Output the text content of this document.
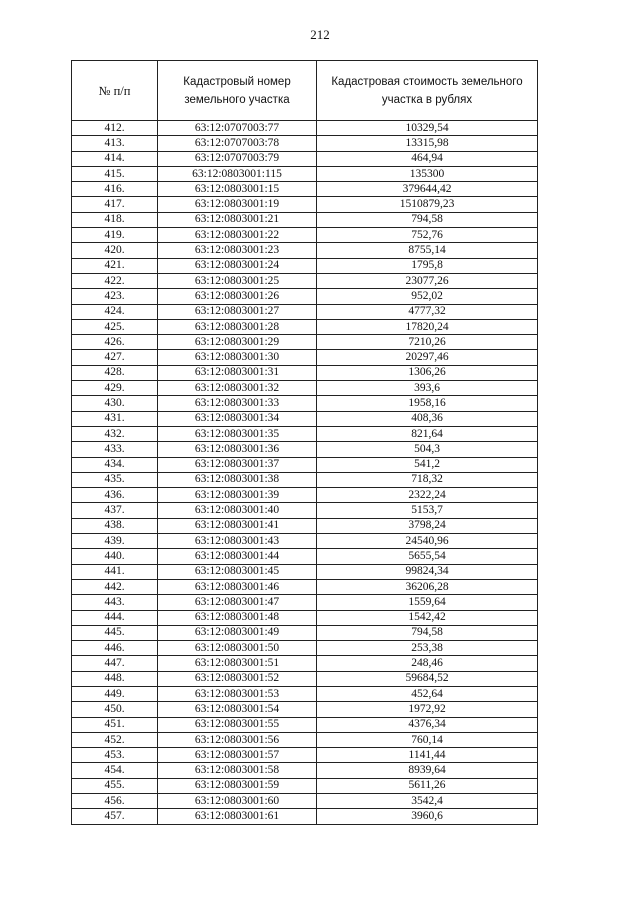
212
№ п/п	Кадастровый номер земельного участка	Кадастровая стоимость земельного участка в рублях
412.	63:12:0707003:77	10329,54
413.	63:12:0707003:78	13315,98
414.	63:12:0707003:79	464,94
415.	63:12:0803001:115	135300
416.	63:12:0803001:15	379644,42
417.	63:12:0803001:19	1510879,23
418.	63:12:0803001:21	794,58
419.	63:12:0803001:22	752,76
420.	63:12:0803001:23	8755,14
421.	63:12:0803001:24	1795,8
422.	63:12:0803001:25	23077,26
423.	63:12:0803001:26	952,02
424.	63:12:0803001:27	4777,32
425.	63:12:0803001:28	17820,24
426.	63:12:0803001:29	7210,26
427.	63:12:0803001:30	20297,46
428.	63:12:0803001:31	1306,26
429.	63:12:0803001:32	393,6
430.	63:12:0803001:33	1958,16
431.	63:12:0803001:34	408,36
432.	63:12:0803001:35	821,64
433.	63:12:0803001:36	504,3
434.	63:12:0803001:37	541,2
435.	63:12:0803001:38	718,32
436.	63:12:0803001:39	2322,24
437.	63:12:0803001:40	5153,7
438.	63:12:0803001:41	3798,24
439.	63:12:0803001:43	24540,96
440.	63:12:0803001:44	5655,54
441.	63:12:0803001:45	99824,34
442.	63:12:0803001:46	36206,28
443.	63:12:0803001:47	1559,64
444.	63:12:0803001:48	1542,42
445.	63:12:0803001:49	794,58
446.	63:12:0803001:50	253,38
447.	63:12:0803001:51	248,46
448.	63:12:0803001:52	59684,52
449.	63:12:0803001:53	452,64
450.	63:12:0803001:54	1972,92
451.	63:12:0803001:55	4376,34
452.	63:12:0803001:56	760,14
453.	63:12:0803001:57	1141,44
454.	63:12:0803001:58	8939,64
455.	63:12:0803001:59	5611,26
456.	63:12:0803001:60	3542,4
457.	63:12:0803001:61	3960,6
